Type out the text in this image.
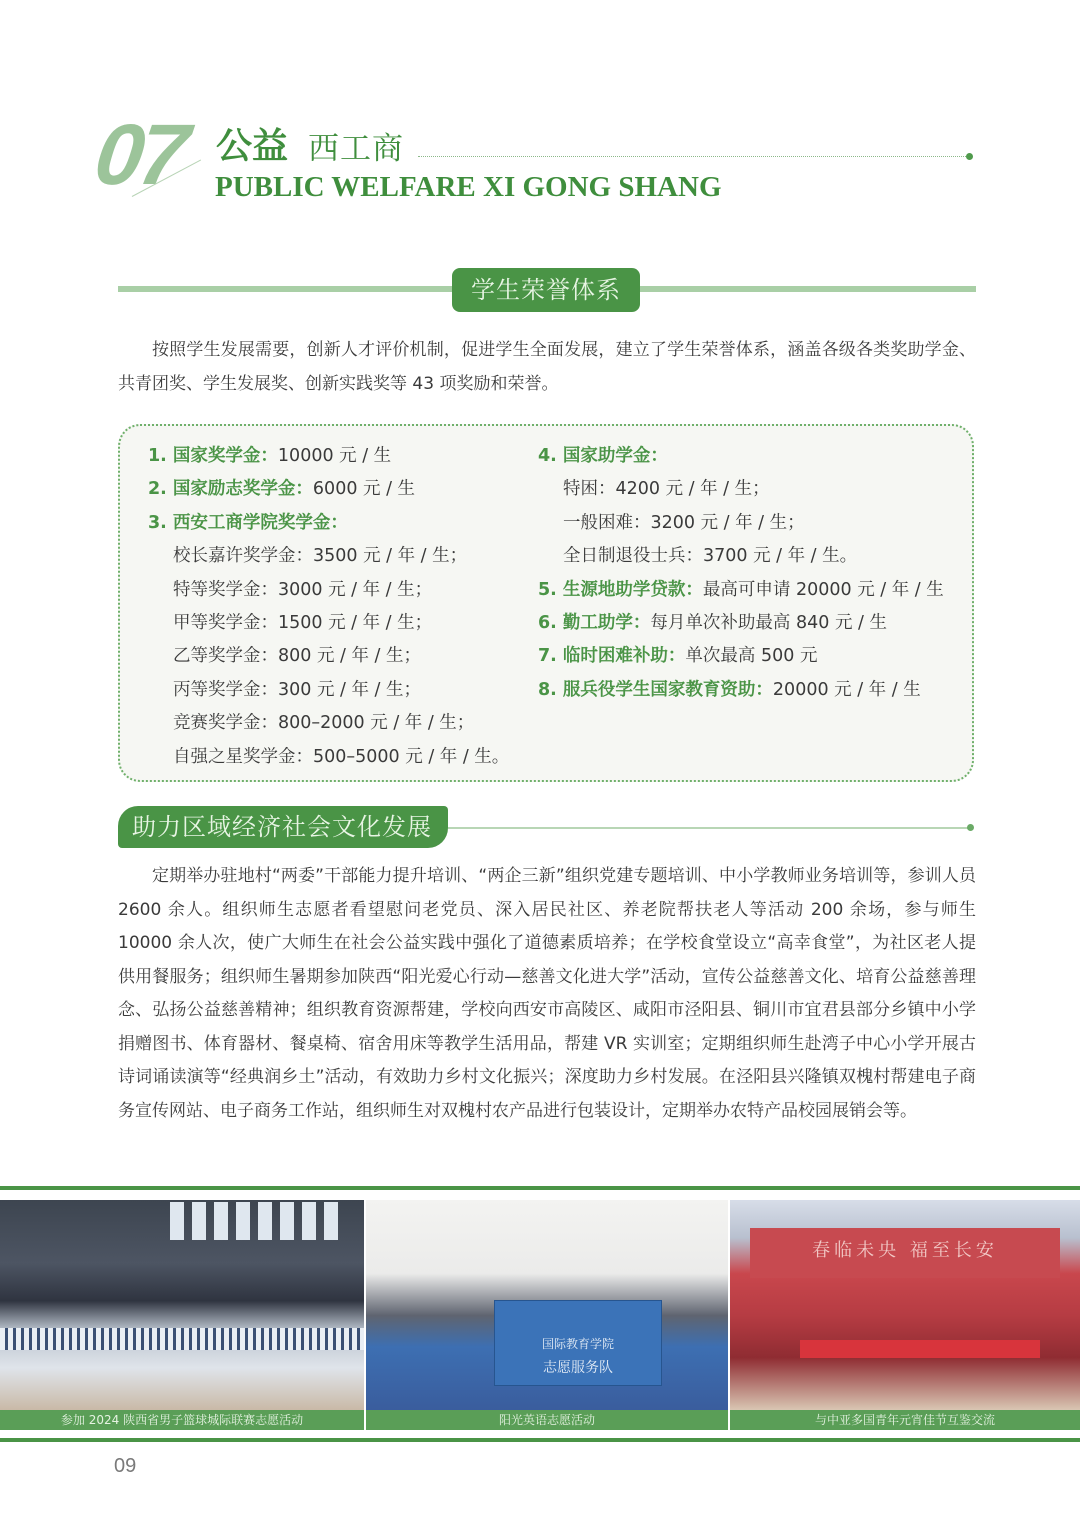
07 公益 西工商
PUBLIC WELFARE XI GONG SHANG
学生荣誉体系

按照学生发展需要，创新人才评价机制，促进学生全面发展，建立了学生荣誉体系，涵盖各级各类奖助学金、共青团奖、学生发展奖、创新实践奖等 43 项奖励和荣誉。

1. 国家奖学金：10000 元 / 生
2. 国家励志奖学金：6000 元 / 生
3. 西安工商学院奖学金：
校长嘉许奖学金：3500 元 / 年 / 生；
特等奖学金：3000 元 / 年 / 生；
甲等奖学金：1500 元 / 年 / 生；
乙等奖学金：800 元 / 年 / 生；
丙等奖学金：300 元 / 年 / 生；
竞赛奖学金：800–2000 元 / 年 / 生；
自强之星奖学金：500–5000 元 / 年 / 生。
4. 国家助学金：
特困：4200 元 / 年 / 生；
一般困难：3200 元 / 年 / 生；
全日制退役士兵：3700 元 / 年 / 生。
5. 生源地助学贷款：最高可申请 20000 元 / 年 / 生
6. 勤工助学：每月单次补助最高 840 元 / 生
7. 临时困难补助：单次最高 500 元
8. 服兵役学生国家教育资助：20000 元 / 年 / 生
助力区域经济社会文化发展

定期举办驻地村“两委”干部能力提升培训、“两企三新”组织党建专题培训、中小学教师业务培训等，参训人员 2600 余人。组织师生志愿者看望慰问老党员、深入居民社区、养老院帮扶老人等活动 200 余场，参与师生 10000 余人次，使广大师生在社会公益实践中强化了道德素质培养；在学校食堂设立“高幸食堂”，为社区老人提供用餐服务；组织师生暑期参加陕西“阳光爱心行动—慈善文化进大学”活动，宣传公益慈善文化、培育公益慈善理念、弘扬公益慈善精神；组织教育资源帮建，学校向西安市高陵区、咸阳市泾阳县、铜川市宜君县部分乡镇中小学捐赠图书、体育器材、餐桌椅、宿舍用床等教学生活用品，帮建 VR 实训室；定期组织师生赴湾子中心小学开展古诗词诵读演等“经典润乡土”活动，有效助力乡村文化振兴；深度助力乡村发展。在泾阳县兴隆镇双槐村帮建电子商务宣传网站、电子商务工作站，组织师生对双槐村农产品进行包装设计，定期举办农特产品校园展销会等。

参加 2024 陕西省男子篮球城际联赛志愿活动
国际教育学院
志愿服务队
阳光英语志愿活动
春临未央 福至长安
与中亚多国青年元宵佳节互鉴交流
09
